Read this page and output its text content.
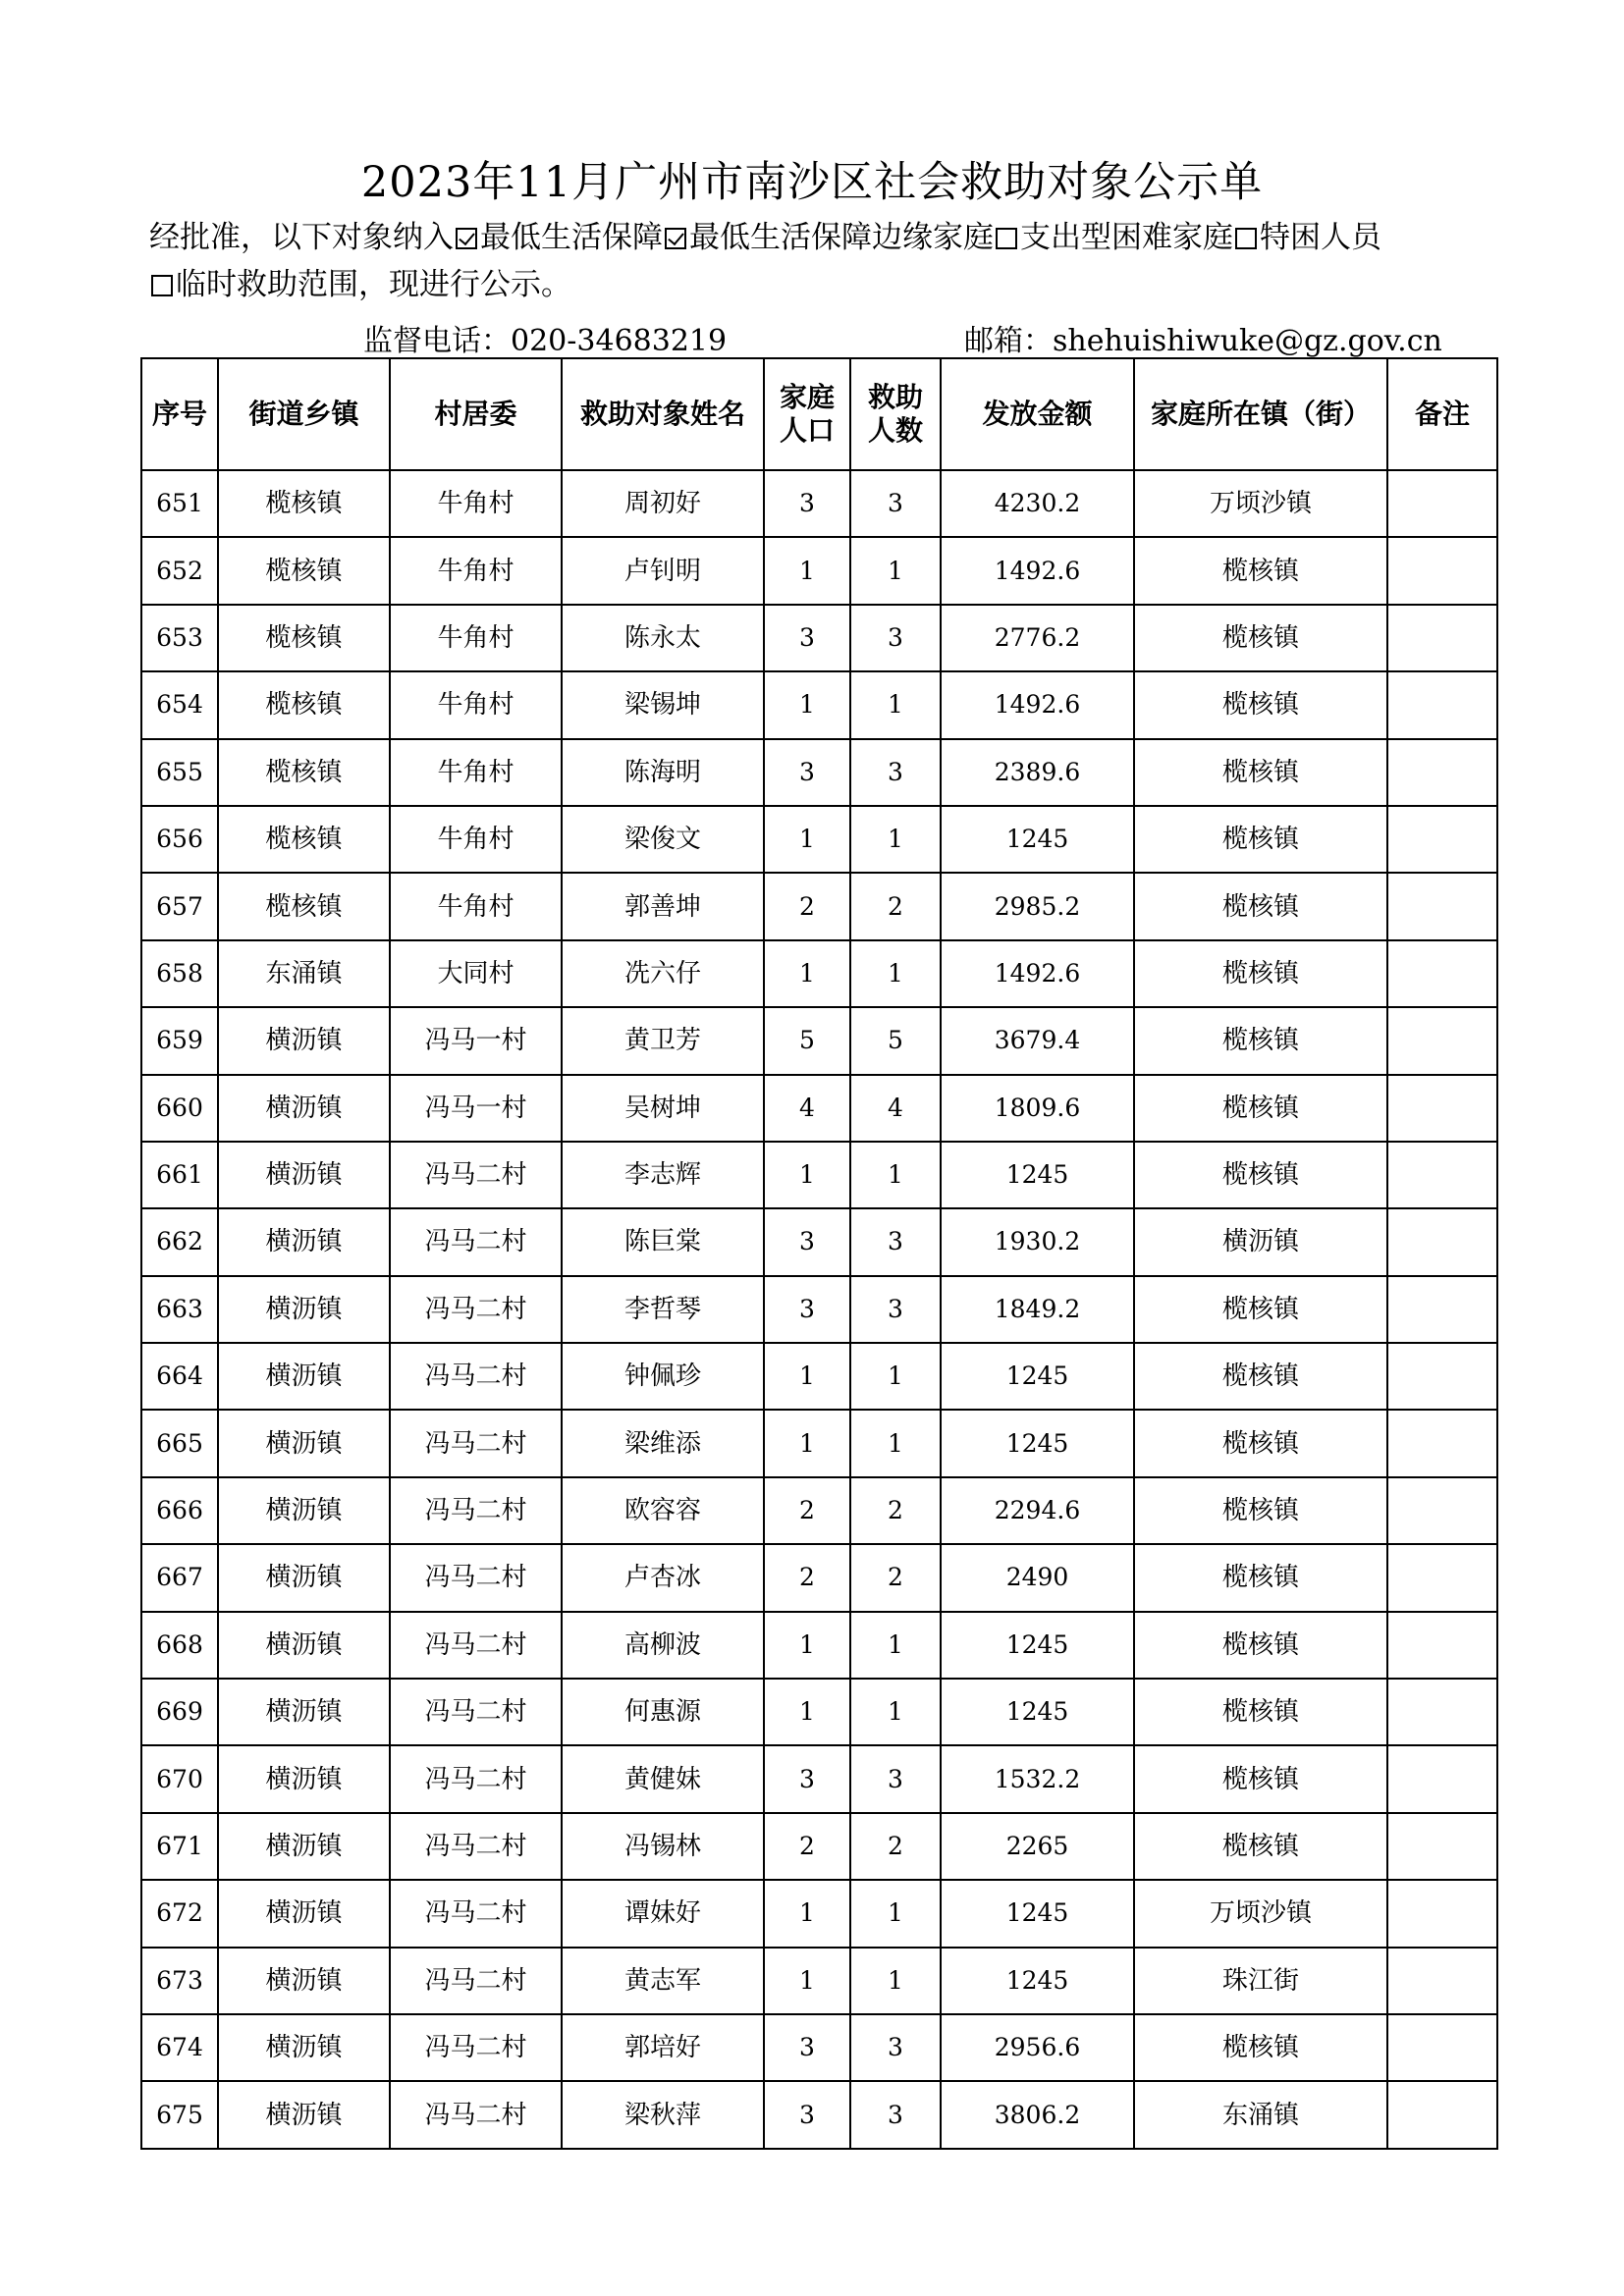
2023年11月广州市南沙区社会救助对象公示单
经批准，以下对象纳入 最低生活保障 最低生活保障边缘家庭 支出型困难家庭 特困人员
临时救助范围，现进行公示。
监督电话：020-34683219	邮箱：shehuishiwuke@gz.gov.cn
序号	街道乡镇	村居委	救助对象姓名	家庭人口	救助人数	发放金额	家庭所在镇（街）	备注
651	榄核镇	牛角村	周初好	3	3	4230.2	万顷沙镇	
652	榄核镇	牛角村	卢钊明	1	1	1492.6	榄核镇	
653	榄核镇	牛角村	陈永太	3	3	2776.2	榄核镇	
654	榄核镇	牛角村	梁锡坤	1	1	1492.6	榄核镇	
655	榄核镇	牛角村	陈海明	3	3	2389.6	榄核镇	
656	榄核镇	牛角村	梁俊文	1	1	1245	榄核镇	
657	榄核镇	牛角村	郭善坤	2	2	2985.2	榄核镇	
658	东涌镇	大同村	冼六仔	1	1	1492.6	榄核镇	
659	横沥镇	冯马一村	黄卫芳	5	5	3679.4	榄核镇	
660	横沥镇	冯马一村	吴树坤	4	4	1809.6	榄核镇	
661	横沥镇	冯马二村	李志辉	1	1	1245	榄核镇	
662	横沥镇	冯马二村	陈巨棠	3	3	1930.2	横沥镇	
663	横沥镇	冯马二村	李哲琴	3	3	1849.2	榄核镇	
664	横沥镇	冯马二村	钟佩珍	1	1	1245	榄核镇	
665	横沥镇	冯马二村	梁维添	1	1	1245	榄核镇	
666	横沥镇	冯马二村	欧容容	2	2	2294.6	榄核镇	
667	横沥镇	冯马二村	卢杏冰	2	2	2490	榄核镇	
668	横沥镇	冯马二村	高柳波	1	1	1245	榄核镇	
669	横沥镇	冯马二村	何惠源	1	1	1245	榄核镇	
670	横沥镇	冯马二村	黄健妹	3	3	1532.2	榄核镇	
671	横沥镇	冯马二村	冯锡林	2	2	2265	榄核镇	
672	横沥镇	冯马二村	谭妹好	1	1	1245	万顷沙镇	
673	横沥镇	冯马二村	黄志军	1	1	1245	珠江街	
674	横沥镇	冯马二村	郭培好	3	3	2956.6	榄核镇	
675	横沥镇	冯马二村	梁秋萍	3	3	3806.2	东涌镇	
